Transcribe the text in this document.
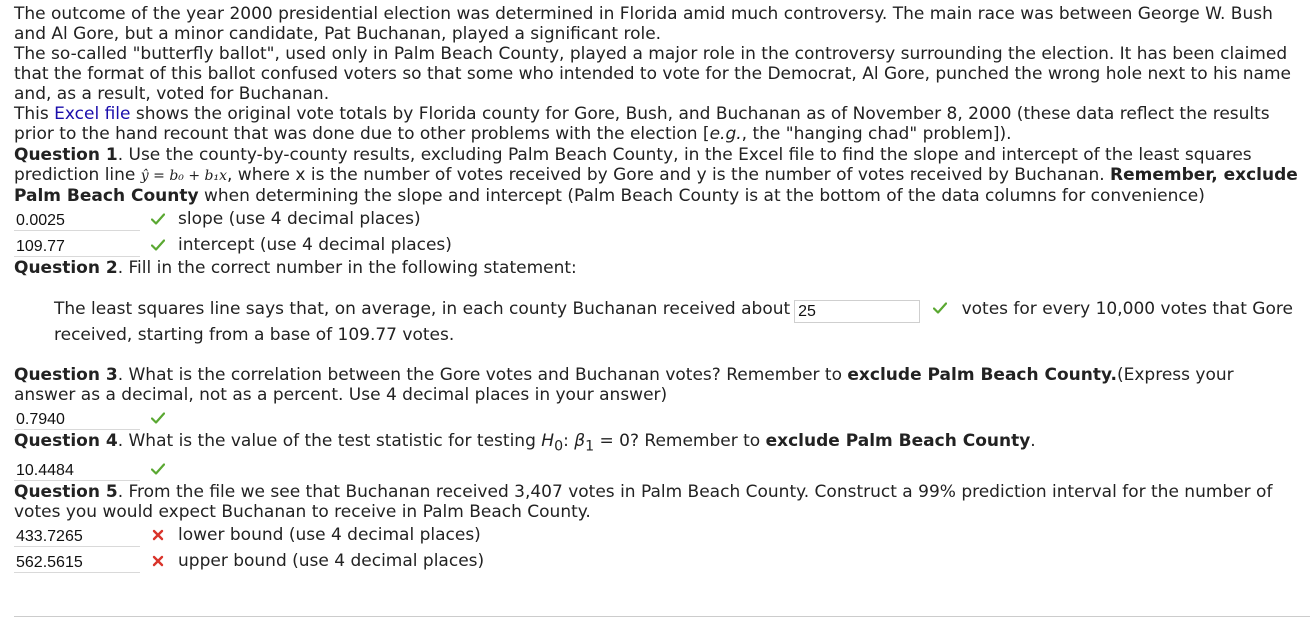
The outcome of the year 2000 presidential election was determined in Florida amid much controversy. The main race was between George W. Bush and Al Gore, but a minor candidate, Pat Buchanan, played a significant role.

The so-called "butterfly ballot", used only in Palm Beach County, played a major role in the controversy surrounding the election. It has been claimed that the format of this ballot confused voters so that some who intended to vote for the Democrat, Al Gore, punched the wrong hole next to his name and, as a result, voted for Buchanan.

This Excel file shows the original vote totals by Florida county for Gore, Bush, and Buchanan as of November 8, 2000 (these data reflect the results prior to the hand recount that was done due to other problems with the election [e.g., the "hanging chad" problem]).

Question 1. Use the county-by-county results, excluding Palm Beach County, in the Excel file to find the slope and intercept of the least squares prediction line ŷ = b₀ + b₁x, where x is the number of votes received by Gore and y is the number of votes received by Buchanan. Remember, exclude Palm Beach County when determining the slope and intercept (Palm Beach County is at the bottom of the data columns for convenience)

0.0025	slope (use 4 decimal places)
109.77	intercept (use 4 decimal places)

Question 2. Fill in the correct number in the following statement:

The least squares line says that, on average, in each county Buchanan received about 25	votes for every 10,000 votes that Gore received, starting from a base of 109.77 votes.

Question 3. What is the correlation between the Gore votes and Buchanan votes? Remember to exclude Palm Beach County.(Express your answer as a decimal, not as a percent. Use 4 decimal places in your answer)

0.7940

Question 4. What is the value of the test statistic for testing $H_0$: $\beta_1 = 0$? Remember to exclude Palm Beach County.

10.4484

Question 5. From the file we see that Buchanan received 3,407 votes in Palm Beach County. Construct a 99% prediction interval for the number of votes you would expect Buchanan to receive in Palm Beach County.

433.7265	lower bound (use 4 decimal places)
562.5615	upper bound (use 4 decimal places)
